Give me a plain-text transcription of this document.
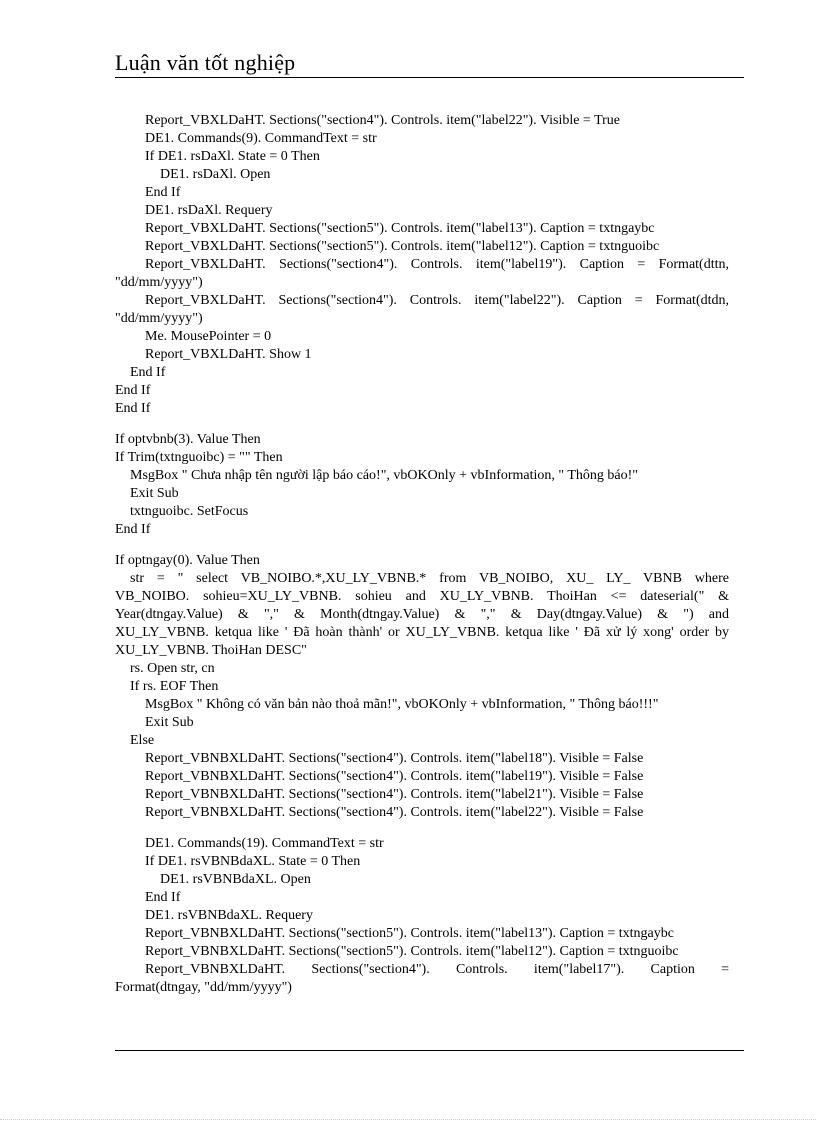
Luận văn tốt nghiệp
Report_VBXLDaHT. Sections("section4"). Controls. item("label22"). Visible = True
DE1. Commands(9). CommandText = str
If DE1. rsDaXl. State = 0 Then
DE1. rsDaXl. Open
End If
DE1. rsDaXl. Requery
Report_VBXLDaHT. Sections("section5"). Controls. item("label13"). Caption = txtngaybc
Report_VBXLDaHT. Sections("section5"). Controls. item("label12"). Caption = txtnguoibc
Report_VBXLDaHT. Sections("section4"). Controls. item("label19"). Caption = Format(dttn,
"dd/mm/yyyy")
Report_VBXLDaHT. Sections("section4"). Controls. item("label22"). Caption = Format(dtdn,
"dd/mm/yyyy")
Me. MousePointer = 0
Report_VBXLDaHT. Show 1
End If
End If
End If
If optvbnb(3). Value Then
If Trim(txtnguoibc) = "" Then
MsgBox " Chưa nhập tên người lập báo cáo!", vbOKOnly + vbInformation, " Thông báo!"
Exit Sub
txtnguoibc. SetFocus
End If
If optngay(0). Value Then
str = " select VB_NOIBO.*,XU_LY_VBNB.* from VB_NOIBO, XU_ LY_ VBNB where
VB_NOIBO. sohieu=XU_LY_VBNB. sohieu and XU_LY_VBNB. ThoiHan <= dateserial(" &
Year(dtngay.Value) & "," & Month(dtngay.Value) & "," & Day(dtngay.Value) & ") and
XU_LY_VBNB. ketqua like ' Đã hoàn thành' or XU_LY_VBNB. ketqua like ' Đã xử lý xong' order by
XU_LY_VBNB. ThoiHan DESC"
rs. Open str, cn
If rs. EOF Then
MsgBox " Không có văn bản nào thoả mãn!", vbOKOnly + vbInformation, " Thông báo!!!"
Exit Sub
Else
Report_VBNBXLDaHT. Sections("section4"). Controls. item("label18"). Visible = False
Report_VBNBXLDaHT. Sections("section4"). Controls. item("label19"). Visible = False
Report_VBNBXLDaHT. Sections("section4"). Controls. item("label21"). Visible = False
Report_VBNBXLDaHT. Sections("section4"). Controls. item("label22"). Visible = False
DE1. Commands(19). CommandText = str
If DE1. rsVBNBdaXL. State = 0 Then
DE1. rsVBNBdaXL. Open
End If
DE1. rsVBNBdaXL. Requery
Report_VBNBXLDaHT. Sections("section5"). Controls. item("label13"). Caption = txtngaybc
Report_VBNBXLDaHT. Sections("section5"). Controls. item("label12"). Caption = txtnguoibc
Report_VBNBXLDaHT. Sections("section4"). Controls. item("label17"). Caption =
Format(dtngay, "dd/mm/yyyy")
